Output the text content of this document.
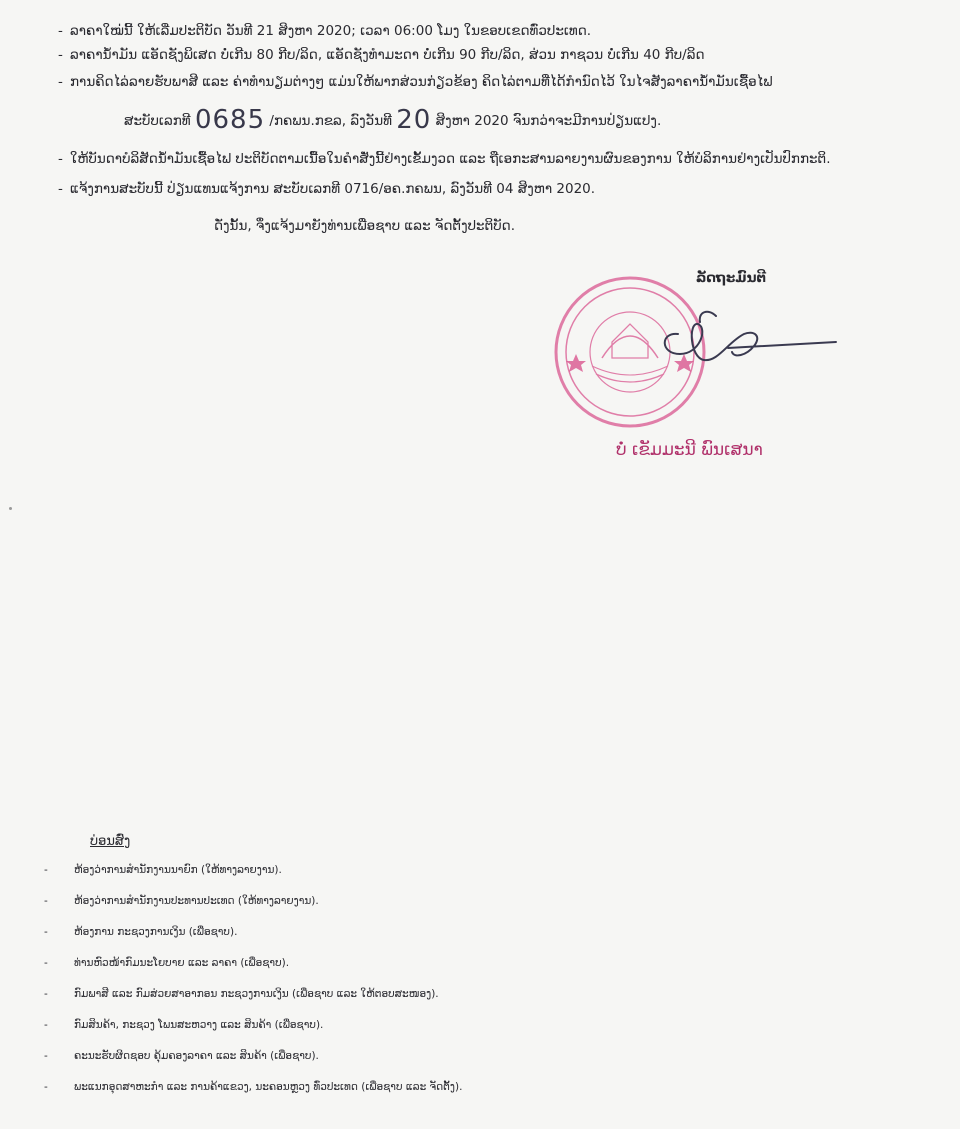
- ລາຄາໃໝ່ນີ້ ໃຫ້ເລີ່ມປະຕິບັດ ວັນທີ 21 ສິງຫາ 2020; ເວລາ 06:00 ໂມງ ໃນຂອບເຂດທົ່ວປະເທດ.
- ລາຄານ້ຳມັນ ແອັດຊັງພິເສດ ບໍ່ເກີນ 80 ກີບ/ລິດ, ແອັດຊັງທຳມະດາ ບໍ່ເກີນ 90 ກີບ/ລິດ, ສ່ວນ ກາຊວນ ບໍ່ເກີນ 40 ກີບ/ລິດ
- ການຄິດໄລ່ລາຍຮັບພາສີ ແລະ ຄ່າທຳນຽມຕ່າງໆ ແມ່ນໃຫ້ພາກສ່ວນກ່ຽວຂ້ອງ ຄິດໄລ່ຕາມທີ່ໄດ້ກຳນົດໄວ້ ໃນໄຈສັງລາຄານ້ຳມັນເຊື້ອໄຟ
ສະບັບເລກທີ 0685 /ກຄພນ.ກຂລ, ລົງວັນທີ 20 ສິງຫາ 2020 ຈົນກວ່າຈະມີການປ່ຽນແປງ.
- ໃຫ້ບັນດາບໍລິສັດນ້ຳມັນເຊື້ອໄຟ ປະຕິບັດຕາມເນື້ອໃນຄຳສັ່ງນີ້ຢ່າງເຂັ້ມງວດ ແລະ ຖືເອກະສານລາຍງານຜົນຂອງການ ໃຫ້ບໍລິການຢ່າງເປັນປົກກະຕິ.
- ແຈ້ງການສະບັບນີ້ ປ່ຽນແທນແຈ້ງການ ສະບັບເລກທີ 0716/ອຄ.ກຄພນ, ລົງວັນທີ 04 ສິງຫາ 2020.
ດັ່ງນັ້ນ, ຈຶ່ງແຈ້ງມາຍັງທ່ານເພື່ອຊາບ ແລະ ຈັດຕັ້ງປະຕິບັດ.
ລັດຖະມົນຕີ
ບໍ່ ເຂັມມະນີ ພົນເສນາ
ບ່ອນສົ່ງ
- ຫ້ອງວ່າການສຳນັກງານນາຍົກ (ໃຫ້ທາງລາຍງານ).
- ຫ້ອງວ່າການສຳນັກງານປະທານປະເທດ (ໃຫ້ທາງລາຍງານ).
- ຫ້ອງການ ກະຊວງການເງິນ (ເພື່ອຊາບ).
- ທ່ານຫົວໜ້າກົມນະໂຍບາຍ ແລະ ລາຄາ (ເພື່ອຊາບ).
- ກົມພາສີ ແລະ ກົມສ່ວຍສາອາກອນ ກະຊວງການເງິນ (ເພື່ອຊາບ ແລະ ໃຫ້ຕອບສະໜອງ).
- ກົມສິນຄ້າ, ກະຊວງ ໂພນສະຫວາງ ແລະ ສິນຄ້າ (ເພື່ອຊາບ).
- ຄະນະຮັບຜິດຊອບ ຄຸ້ມຄອງລາຄາ ແລະ ສິນຄ້າ (ເພື່ອຊາບ).
- ພະແນກອຸດສາຫະກຳ ແລະ ການຄ້າແຂວງ, ນະຄອນຫຼວງ ທົ່ວປະເທດ (ເພື່ອຊາບ ແລະ ຈັດຕັ້ງ).
